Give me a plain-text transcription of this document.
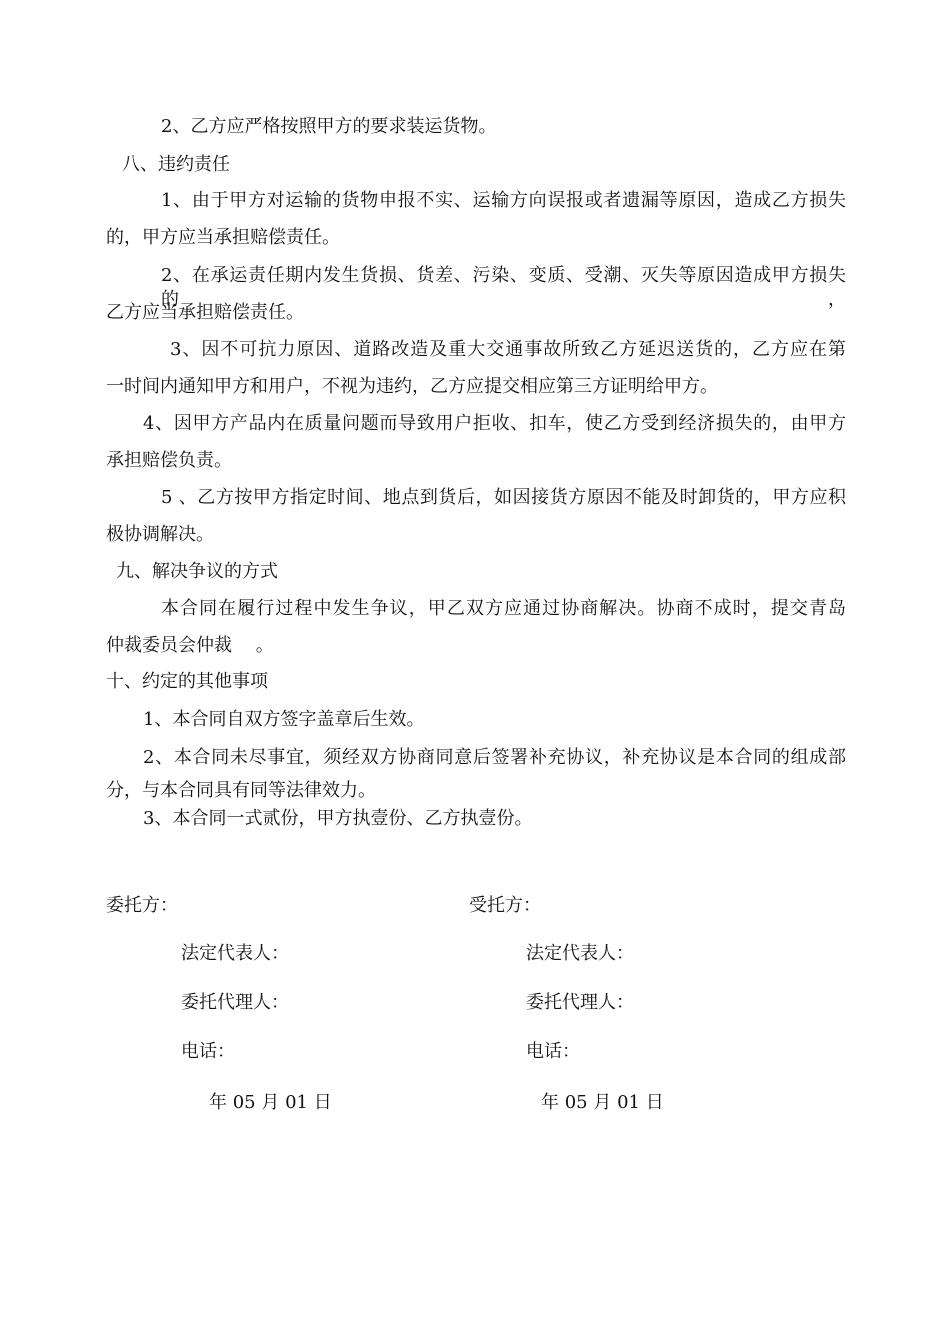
2、乙方应严格按照甲方的要求装运货物。
八、违约责任
1、由于甲方对运输的货物申报不实、运输方向误报或者遗漏等原因，造成乙方损失
的，甲方应当承担赔偿责任。
2、在承运责任期内发生货损、货差、污染、变质、受潮、灭失等原因造成甲方损失的，
乙方应当承担赔偿责任。
3、因不可抗力原因、道路改造及重大交通事故所致乙方延迟送货的，乙方应在第
一时间内通知甲方和用户，不视为违约，乙方应提交相应第三方证明给甲方。
4、因甲方产品内在质量问题而导致用户拒收、扣车，使乙方受到经济损失的，由甲方
承担赔偿负责。
5 、乙方按甲方指定时间、地点到货后，如因接货方原因不能及时卸货的，甲方应积
极协调解决。
九、解决争议的方式
本合同在履行过程中发生争议，甲乙双方应通过协商解决。协商不成时，提交青岛
仲裁委员会仲裁　 。
十、约定的其他事项
1、本合同自双方签字盖章后生效。
2、本合同未尽事宜，须经双方协商同意后签署补充协议，补充协议是本合同的组成部
分，与本合同具有同等法律效力。
3、本合同一式贰份，甲方执壹份、乙方执壹份。
委托方：
法定代表人：
委托代理人：
电话：
年 05 月 01 日
受托方：
法定代表人：
委托代理人：
电话：
年 05 月 01 日
